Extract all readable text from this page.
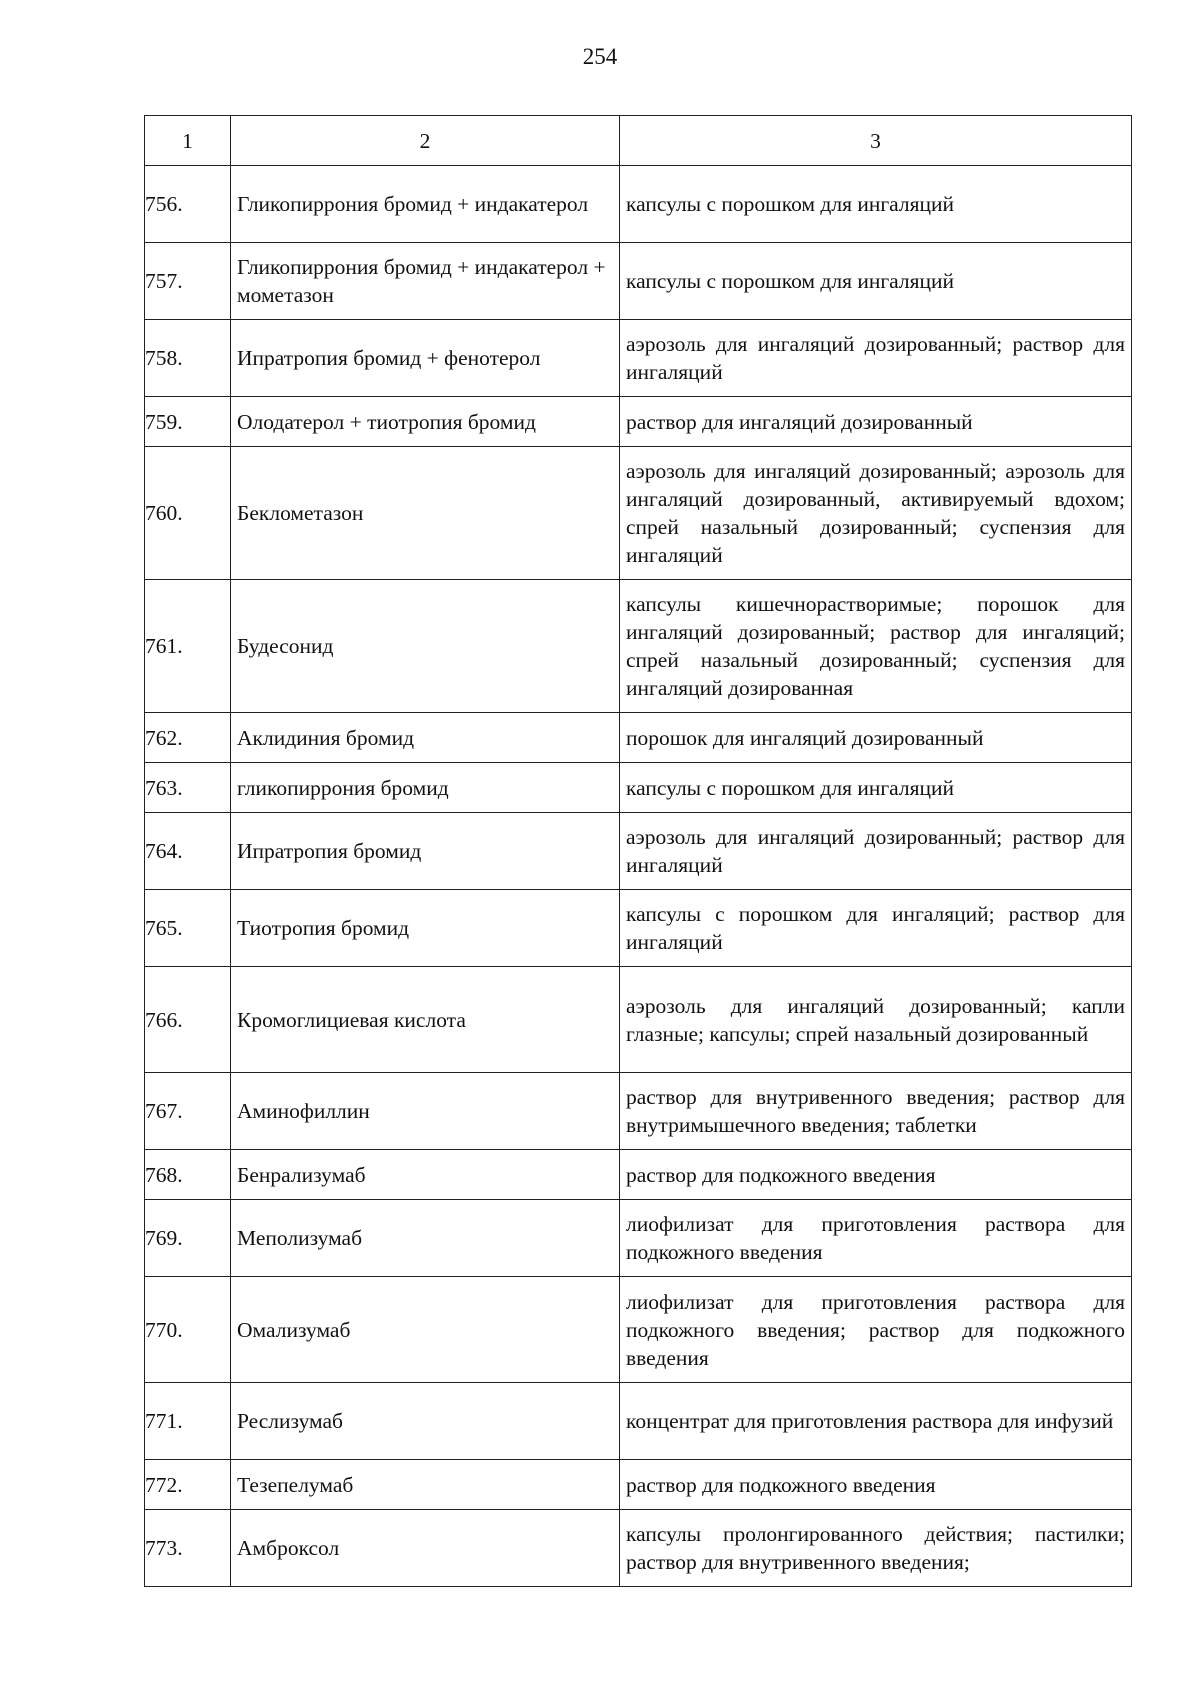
254
1	2	3
756.	Гликопиррония бромид + индакатерол	капсулы с порошком для ингаляций
757.	Гликопиррония бромид + индакатерол + мометазон	капсулы с порошком для ингаляций
758.	Ипратропия бромид + фенотерол	аэрозоль для ингаляций дозированный; раствор для ингаляций
759.	Олодатерол + тиотропия бромид	раствор для ингаляций дозированный
760.	Беклометазон	аэрозоль для ингаляций дозированный; аэрозоль для ингаляций дозированный, активируемый вдохом; спрей назальный дозированный; суспензия для ингаляций
761.	Будесонид	капсулы кишечнорастворимые; порошок для ингаляций дозированный; раствор для ингаляций; спрей назальный дозированный; суспензия для ингаляций дозированная
762.	Аклидиния бромид	порошок для ингаляций дозированный
763.	гликопиррония бромид	капсулы с порошком для ингаляций
764.	Ипратропия бромид	аэрозоль для ингаляций дозированный; раствор для ингаляций
765.	Тиотропия бромид	капсулы с порошком для ингаляций; раствор для ингаляций
766.	Кромоглициевая кислота	аэрозоль для ингаляций дозированный; капли глазные; капсулы; спрей назальный дозированный
767.	Аминофиллин	раствор для внутривенного введения; раствор для внутримышечного введения; таблетки
768.	Бенрализумаб	раствор для подкожного введения
769.	Меполизумаб	лиофилизат для приготовления раствора для подкожного введения
770.	Омализумаб	лиофилизат для приготовления раствора для подкожного введения; раствор для подкожного введения
771.	Реслизумаб	концентрат для приготовления раствора для инфузий
772.	Тезепелумаб	раствор для подкожного введения
773.	Амброксол	капсулы пролонгированного действия; пастилки; раствор для внутривенного введения;
